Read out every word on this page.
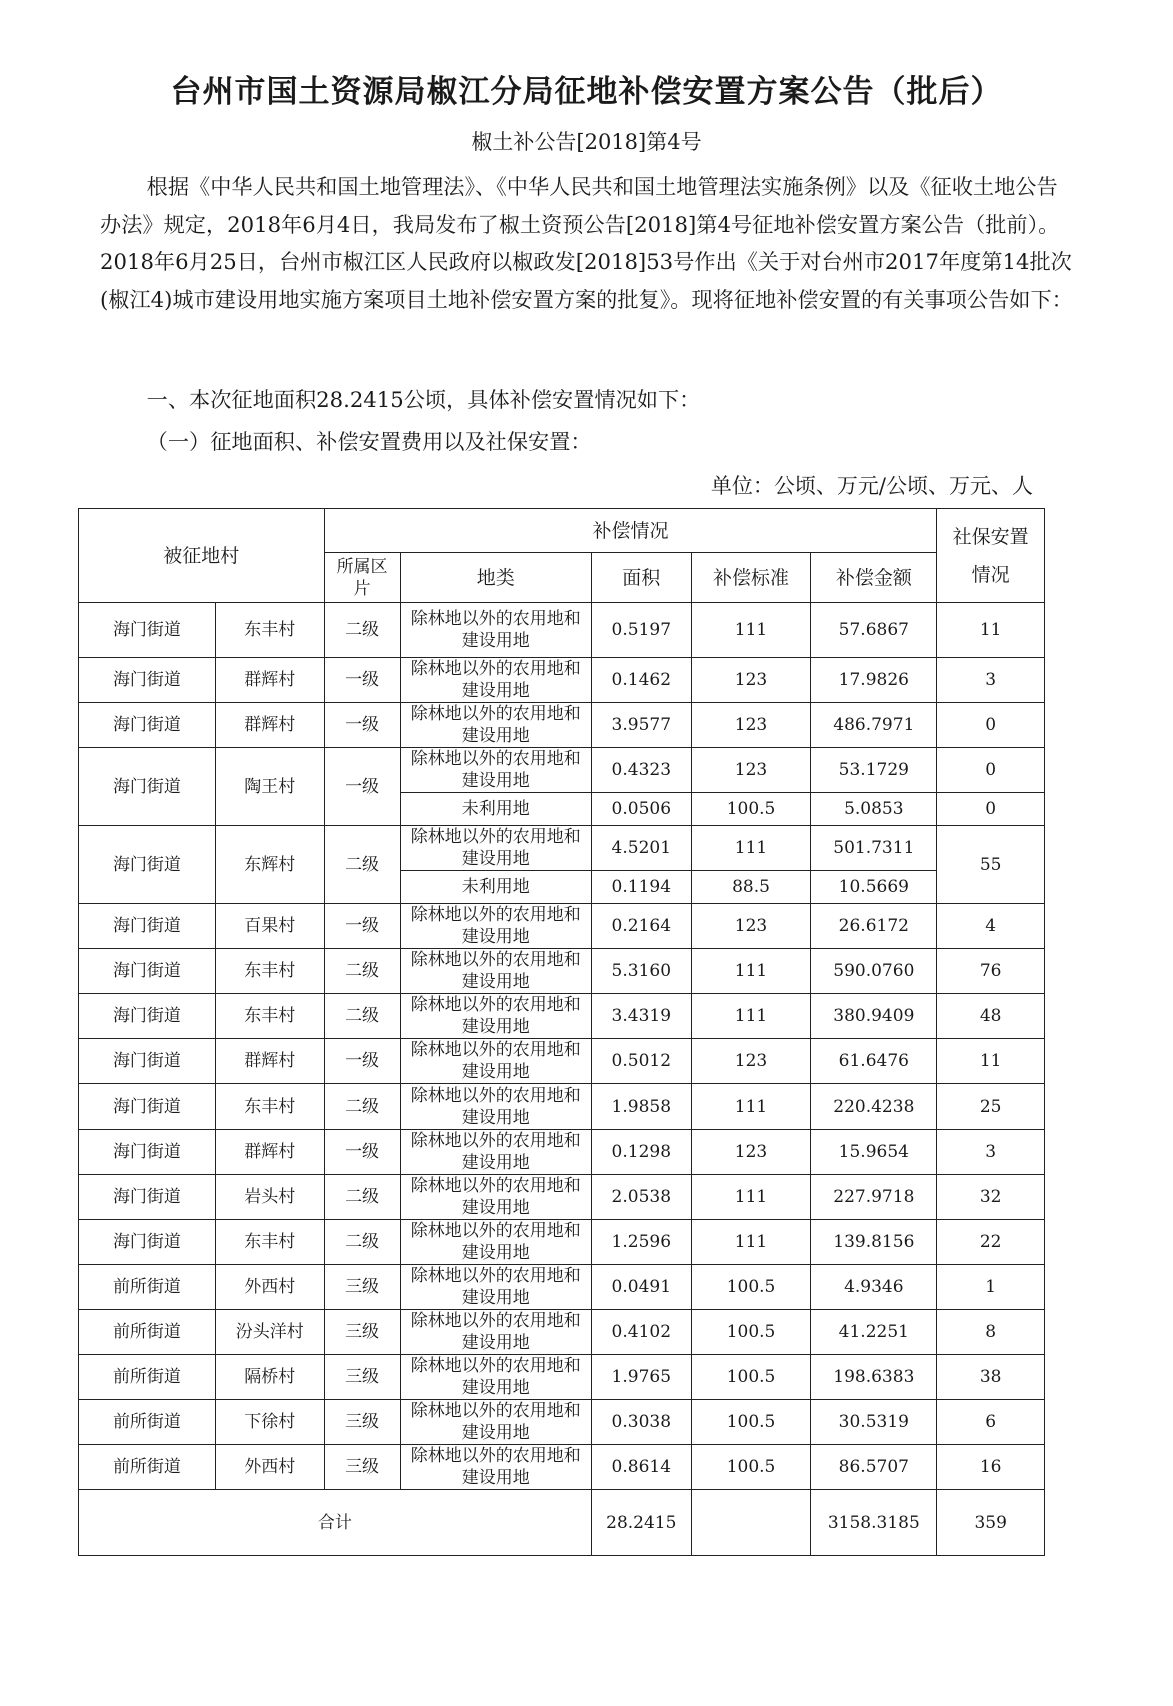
台州市国土资源局椒江分局征地补偿安置方案公告（批后）
椒土补公告[2018]第4号

根据《中华人民共和国土地管理法》、《中华人民共和国土地管理法实施条例》以及《征收土地公告办法》规定，2018年6月4日，我局发布了椒土资预公告[2018]第4号征地补偿安置方案公告（批前）。2018年6月25日，台州市椒江区人民政府以椒政发[2018]53号作出《关于对台州市2017年度第14批次(椒江4)城市建设用地实施方案项目土地补偿安置方案的批复》。现将征地补偿安置的有关事项公告如下：

一、本次征地面积28.2415公顷，具体补偿安置情况如下：
（一）征地面积、补偿安置费用以及社保安置：
单位：公顷、万元/公顷、万元、人
被征地村		补偿情况					社保安置情况
		所属区片	地类	面积	补偿标准	补偿金额	
海门街道	东丰村	二级	除林地以外的农用地和建设用地	0.5197	111	57.6867	11
海门街道	群辉村	一级	除林地以外的农用地和建设用地	0.1462	123	17.9826	3
海门街道	群辉村	一级	除林地以外的农用地和建设用地	3.9577	123	486.7971	0
海门街道	陶王村	一级	除林地以外的农用地和建设用地	0.4323	123	53.1729	0
			未利用地	0.0506	100.5	5.0853	0
海门街道	东辉村	二级	除林地以外的农用地和建设用地	4.5201	111	501.7311	55
			未利用地	0.1194	88.5	10.5669	
海门街道	百果村	一级	除林地以外的农用地和建设用地	0.2164	123	26.6172	4
海门街道	东丰村	二级	除林地以外的农用地和建设用地	5.3160	111	590.0760	76
海门街道	东丰村	二级	除林地以外的农用地和建设用地	3.4319	111	380.9409	48
海门街道	群辉村	一级	除林地以外的农用地和建设用地	0.5012	123	61.6476	11
海门街道	东丰村	二级	除林地以外的农用地和建设用地	1.9858	111	220.4238	25
海门街道	群辉村	一级	除林地以外的农用地和建设用地	0.1298	123	15.9654	3
海门街道	岩头村	二级	除林地以外的农用地和建设用地	2.0538	111	227.9718	32
海门街道	东丰村	二级	除林地以外的农用地和建设用地	1.2596	111	139.8156	22
前所街道	外西村	三级	除林地以外的农用地和建设用地	0.0491	100.5	4.9346	1
前所街道	汾头洋村	三级	除林地以外的农用地和建设用地	0.4102	100.5	41.2251	8
前所街道	隔桥村	三级	除林地以外的农用地和建设用地	1.9765	100.5	198.6383	38
前所街道	下徐村	三级	除林地以外的农用地和建设用地	0.3038	100.5	30.5319	6
前所街道	外西村	三级	除林地以外的农用地和建设用地	0.8614	100.5	86.5707	16
合计				28.2415		3158.3185	359
